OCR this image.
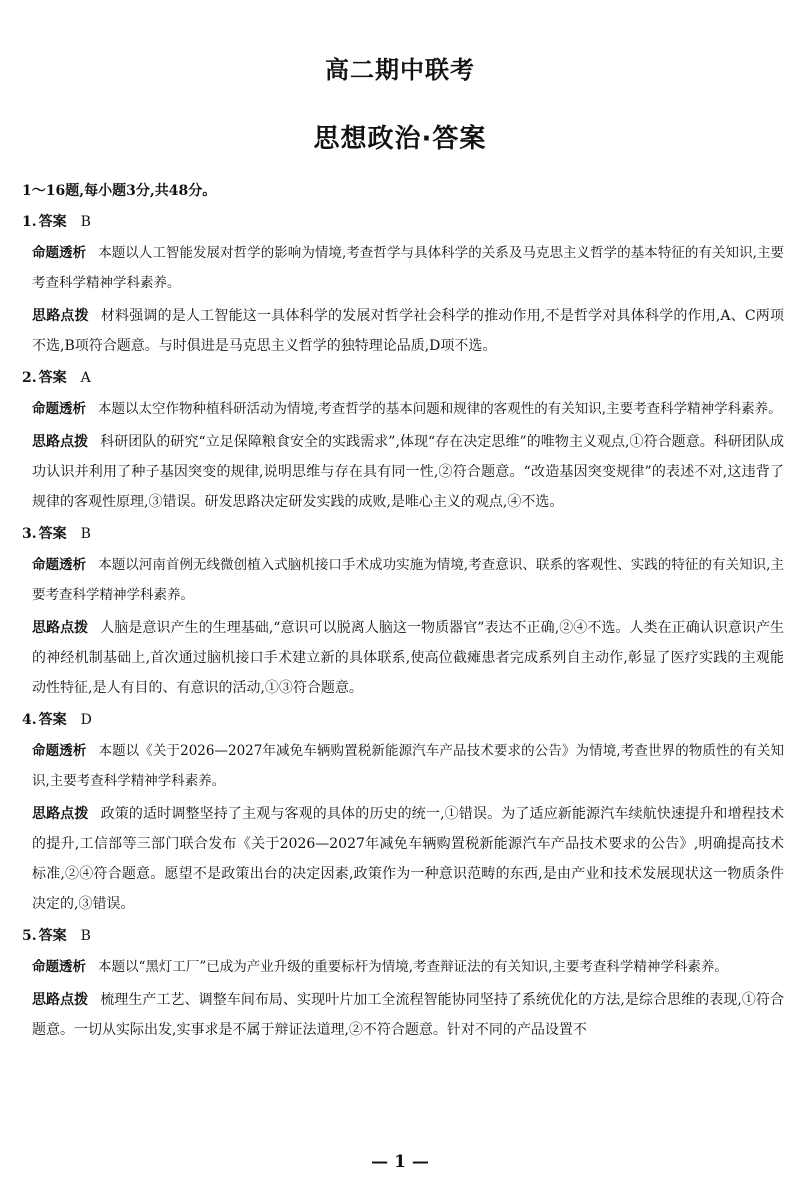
高二期中联考
思想政治·答案
1～16题,每小题3分,共48分。
1. 答案 B
命题透析 本题以人工智能发展对哲学的影响为情境,考查哲学与具体科学的关系及马克思主义哲学的基本特征的有关知识,主要考查科学精神学科素养。
思路点拨 材料强调的是人工智能这一具体科学的发展对哲学社会科学的推动作用,不是哲学对具体科学的作用,A、C两项不选,B项符合题意。与时俱进是马克思主义哲学的独特理论品质,D项不选。
2. 答案 A
命题透析 本题以太空作物种植科研活动为情境,考查哲学的基本问题和规律的客观性的有关知识,主要考查科学精神学科素养。
思路点拨 科研团队的研究“立足保障粮食安全的实践需求”,体现“存在决定思维”的唯物主义观点,①符合题意。科研团队成功认识并利用了种子基因突变的规律,说明思维与存在具有同一性,②符合题意。“改造基因突变规律”的表述不对,这违背了规律的客观性原理,③错误。研发思路决定研发实践的成败,是唯心主义的观点,④不选。
3. 答案 B
命题透析 本题以河南首例无线微创植入式脑机接口手术成功实施为情境,考查意识、联系的客观性、实践的特征的有关知识,主要考查科学精神学科素养。
思路点拨 人脑是意识产生的生理基础,“意识可以脱离人脑这一物质器官”表达不正确,②④不选。人类在正确认识意识产生的神经机制基础上,首次通过脑机接口手术建立新的具体联系,使高位截瘫患者完成系列自主动作,彰显了医疗实践的主观能动性特征,是人有目的、有意识的活动,①③符合题意。
4. 答案 D
命题透析 本题以《关于2026—2027年减免车辆购置税新能源汽车产品技术要求的公告》为情境,考查世界的物质性的有关知识,主要考查科学精神学科素养。
思路点拨 政策的适时调整坚持了主观与客观的具体的历史的统一,①错误。为了适应新能源汽车续航快速提升和增程技术的提升,工信部等三部门联合发布《关于2026—2027年减免车辆购置税新能源汽车产品技术要求的公告》,明确提高技术标准,②④符合题意。愿望不是政策出台的决定因素,政策作为一种意识范畴的东西,是由产业和技术发展现状这一物质条件决定的,③错误。
5. 答案 B
命题透析 本题以“黑灯工厂”已成为产业升级的重要标杆为情境,考查辩证法的有关知识,主要考查科学精神学科素养。
思路点拨 梳理生产工艺、调整车间布局、实现叶片加工全流程智能协同坚持了系统优化的方法,是综合思维的表现,①符合题意。一切从实际出发,实事求是不属于辩证法道理,②不符合题意。针对不同的产品设置不
— 1 —
